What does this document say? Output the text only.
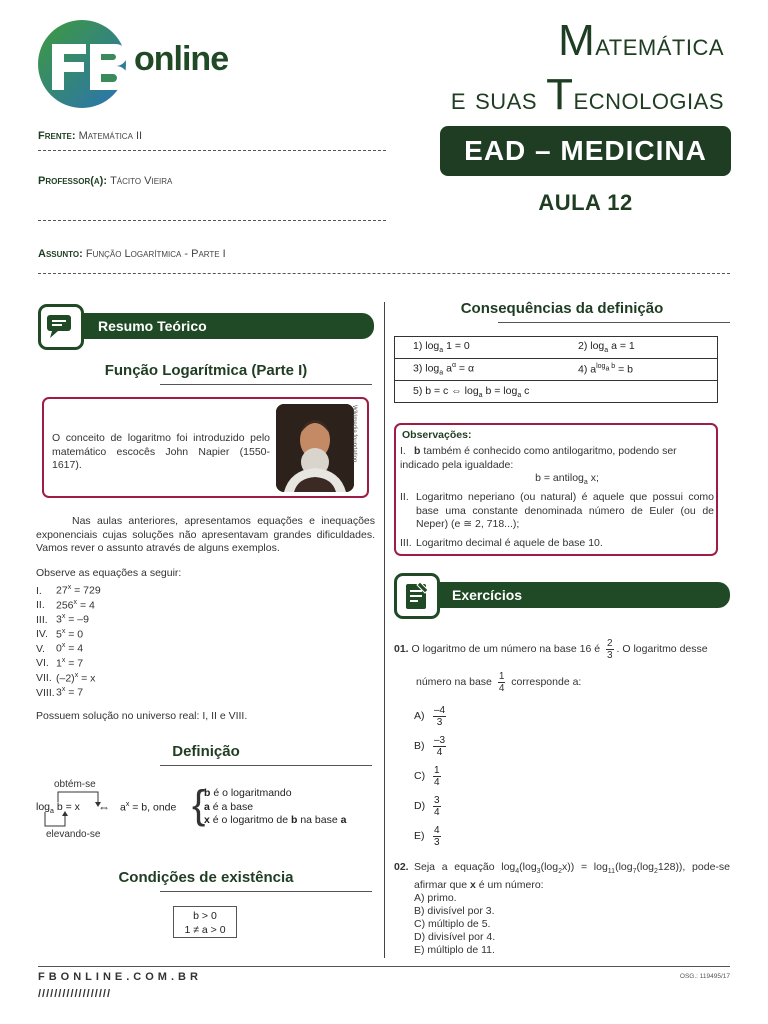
online	Matemática
e suas Tecnologias
EAD – MEDICINA
AULA 12
Frente: Matemática II
Professor(a): Tácito Vieira
Assunto: Função Logarítmica - Parte I
Resumo Teórico
Função Logarítmica (Parte I)
O conceito de logaritmo foi introduzido pelo matemático escocês John Napier (1550-1617).
Wikimedia foundation
Nas aulas anteriores, apresentamos equações e inequações exponenciais cujas soluções não apresentavam grandes dificuldades. Vamos rever o assunto através de alguns exemplos.
Observe as equações a seguir:
I. $27^x = 729$
II. $256^x = 4$
III. $3^x = -9$
IV. $5^x = 0$
V. $0^x = 4$
VI. $1^x = 7$
VII. $(-2)^x = x$
$VIII.3^x = 7$
Possuem solução no universo real: I, II e VIII.
Definição
obtém-se
$\log_a b = x$ ⇔ $a^x = b$, onde {
b é o logaritmando
a é a base
x é o logaritmo de b na base a
elevando-se
Condições de existência
b > 0
1 ≠ a > 0
Consequências da definição
1) $\log_a 1 = 0$	2) $\log_a a = 1$
3) $\log_a a^\alpha = \alpha$	4) $a^{log_a b} = b$
5) b = c ⇔ $\log_a b = \log_a c$
Observações:
I. b também é conhecido como antilogaritmo, podendo ser indicado pela igualdade:
b = antilog$_a$ x;
II. Logaritmo neperiano (ou natural) é aquele que possui como base uma constante denominada número de Euler (ou de Neper) (e ≅ 2, 718...);
III. Logaritmo decimal é aquele de base 10.
Exercícios
01. O logaritmo de um número na base 16 é $\frac{2}{3}$ . O logaritmo desse
número na base $\frac{1}{4}$ corresponde a:
$A) \frac{-4}{3}$
$B) \frac{-3}{4}$
$C) \frac{1}{4}$
$D) \frac{3}{4}$
$E) \frac{4}{3}$
02. Seja a equação $\log_4(\log_3(\log_2x)) = \log_{11}(\log_7(\log_2128))$, pode-se afirmar que x é um número:
A) primo.
B) divisível por 3.
C) múltiplo de 5.
D) divisível por 4.
E) múltiplo de 11.
FBONLINE.COM.BR
//////////////////
OSG.: 119495/17
